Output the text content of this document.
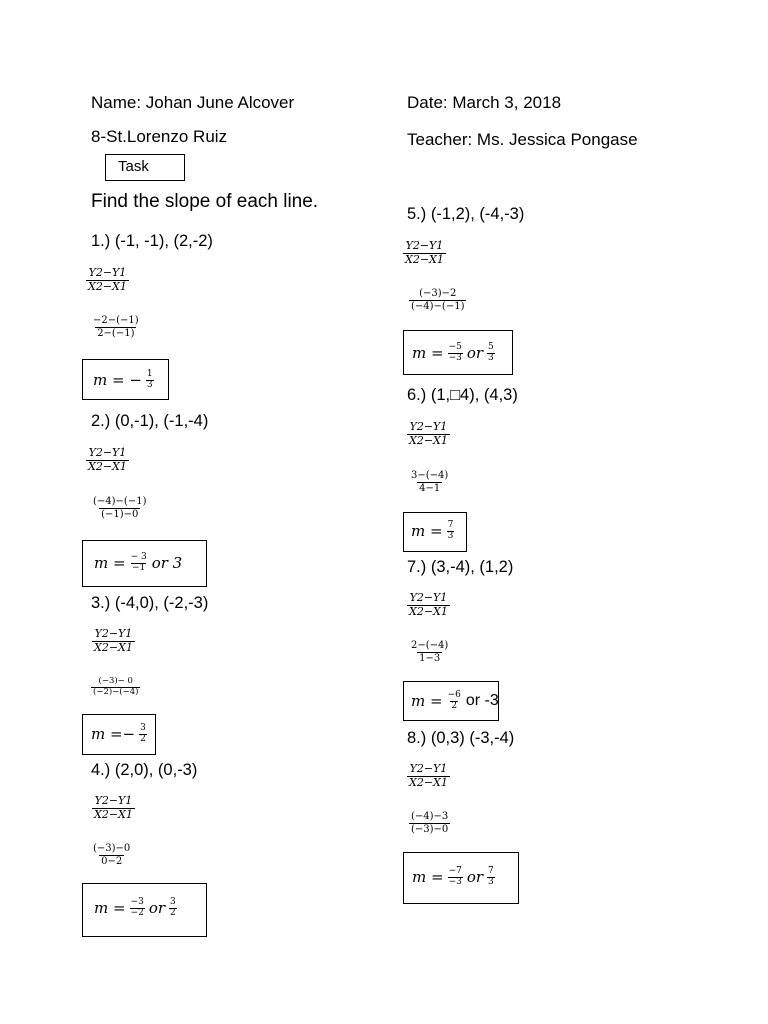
Name: Johan June Alcover
8-St.Lorenzo Ruiz
Date: March 3, 2018
Teacher: Ms. Jessica Pongase
Task
Find the slope of each line.
1.) (-1, -1), (2,-2)
$\frac{Y2-Y1}{X2-X1}$
$\frac{-2-(-1)}{2-(-1)}$
m = − $\frac{1}{3}$
2.) (0,-1), (-1,-4)
$\frac{Y2-Y1}{X2-X1}$
$\frac{(-4)-(-1)}{(-1)-0}$
$m = \frac{- 3}{-1}$ or 3
3.) (-4,0), (-2,-3)
$\frac{Y2-Y1}{X2-X1}$
$\frac{(-3)- 0}{(-2)-(-4)}$
$m =- \frac{3}{2}$
4.) (2,0), (0,-3)
$\frac{Y2-Y1}{X2-X1}$
$\frac{(-3)-0}{0-2}$
$m = \frac{-3}{-2}$ or 3
2
5.) (-1,2), (-4,-3)
$\frac{Y2-Y1}{X2-X1}$
$\frac{(-3)-2}{(-4)-(-1)}$
$m = \frac{-5}{-3}$ or 5
3
6.) (1,□4), (4,3)
$\frac{Y2-Y1}{X2-X1}$
$\frac{3-(-4)}{4-1}$
$m = \frac{7}{3}$
7.) (3,-4), (1,2)
$\frac{Y2-Y1}{X2-X1}$
$\frac{2-(-4)}{1-3}$
$m = \frac{-6}{2}$ or -3
8.) (0,3) (-3,-4)
$\frac{Y2-Y1}{X2-X1}$
$\frac{(-4)-3}{(-3)-0}$
$m = \frac{-7}{-3}$ or 7
3
